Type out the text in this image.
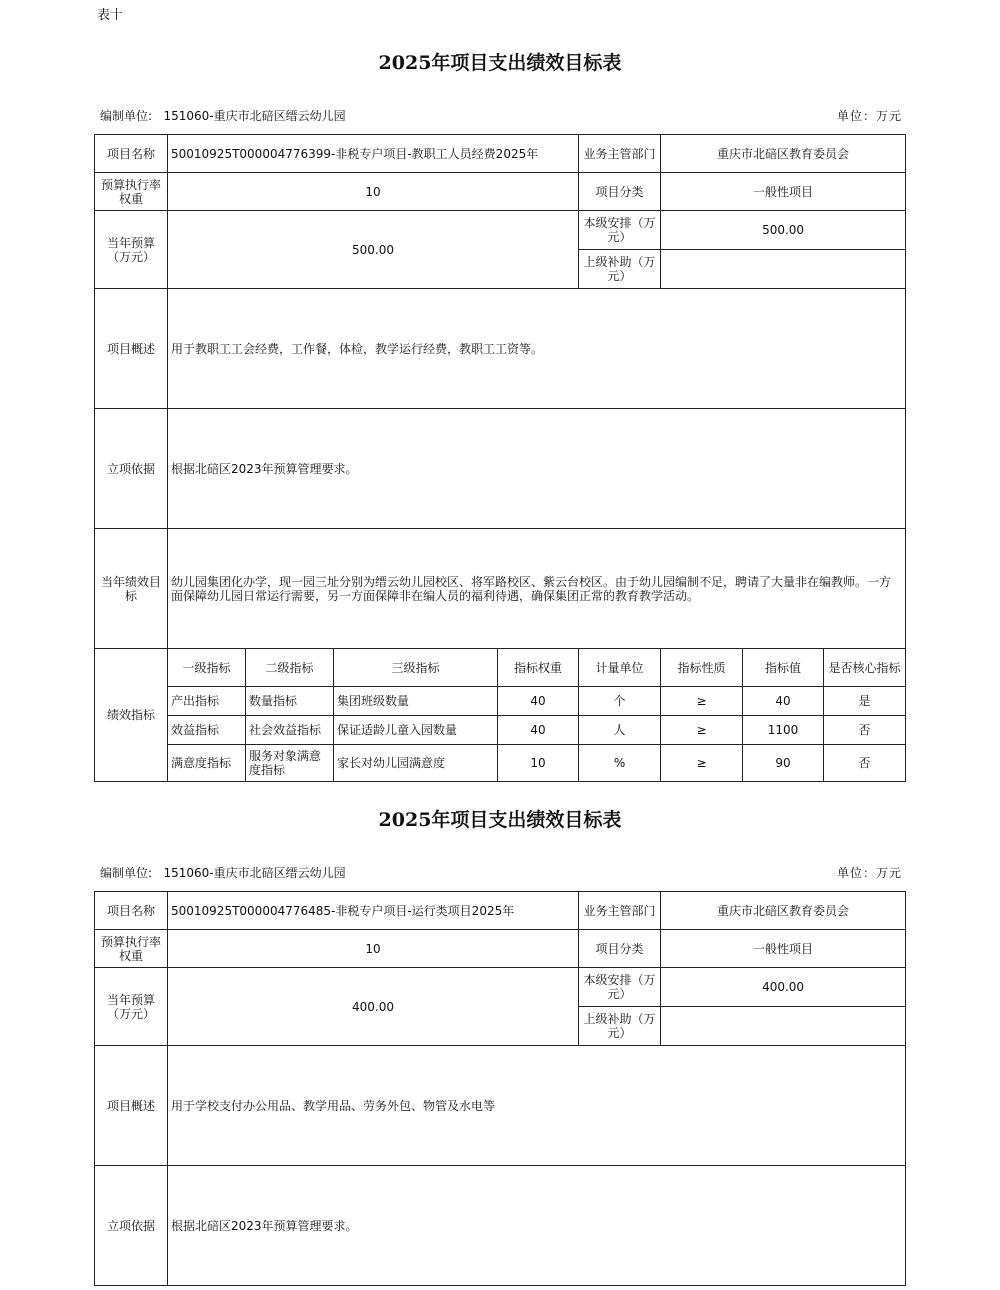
表十
2025年项目支出绩效目标表
编制单位: 151060-重庆市北碚区缙云幼儿园	单位：万元
项目名称	50010925T000004776399-非税专户项目-教职工人员经费2025年				业务主管部门	重庆市北碚区教育委员会		
预算执行率权重	10				项目分类	一般性项目		
当年预算（万元）	500.00				本级安排（万元）	500.00		
					上级补助（万元）			
项目概述	用于教职工工会经费，工作餐，体检，教学运行经费，教职工工资等。							
立项依据	根据北碚区2023年预算管理要求。							
当年绩效目标	幼儿园集团化办学，现一园三址分别为缙云幼儿园校区、将军路校区、紫云台校区。由于幼儿园编制不足，聘请了大量非在编教师。一方面保障幼儿园日常运行需要，另一方面保障非在编人员的福利待遇，确保集团正常的教育教学活动。							
绩效指标	一级指标	二级指标	三级指标	指标权重	计量单位	指标性质	指标值	是否核心指标
	产出指标	数量指标	集团班级数量	40	个	≥	40	是
	效益指标	社会效益指标	保证适龄儿童入园数量	40	人	≥	1100	否
	满意度指标	服务对象满意度指标	家长对幼儿园满意度	10	%	≥	90	否
2025年项目支出绩效目标表
编制单位: 151060-重庆市北碚区缙云幼儿园	单位：万元
项目名称	50010925T000004776485-非税专户项目-运行类项目2025年	业务主管部门	重庆市北碚区教育委员会
预算执行率权重	10	项目分类	一般性项目
当年预算（万元）	400.00	本级安排（万元）	400.00
		上级补助（万元）	
项目概述	用于学校支付办公用品、教学用品、劳务外包、物管及水电等		
立项依据	根据北碚区2023年预算管理要求。		
